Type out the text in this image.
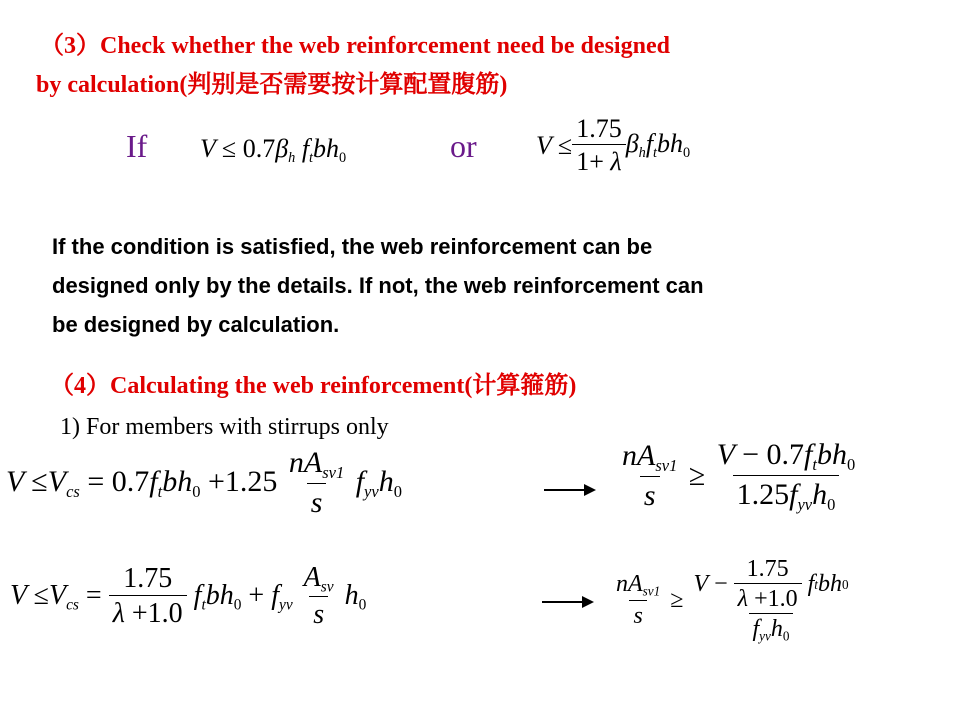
（3）Check whether the web reinforcement need be designed
by calculation(判别是否需要按计算配置腹筋)
If $V \le 0.7\beta_h$ $f_tbh_0$	or $V \le \frac{1.75}{1+ \lambda} \beta_hf_tbh_0$
If the condition is satisfied, the web reinforcement can be
designed only by the details. If not, the web reinforcement can
be designed by calculation.
（4）Calculating the web reinforcement(计算箍筋)
1) For members with stirrups only
$V \le V_{cs} = 0.7f_tbh_0 +1.25 \frac{nA_{sv1}}{s} f_{yv}h_0$	$\frac{nA_{sv1}}{s} \ge \frac{V - 0.7f_tbh_0}{1.25f_{yv}h_0}$
$V \le V_{cs} = \frac{1.75}{\lambda +1.0} f_tbh_0 + f_{yv} \frac{A_{sv}}{s} h_0$	$\frac{nA_{sv1}}{s} \ge \frac{V - \frac{1.75}{\lambda +1.0} f t bh 0}{f_{yv}h_0}$
